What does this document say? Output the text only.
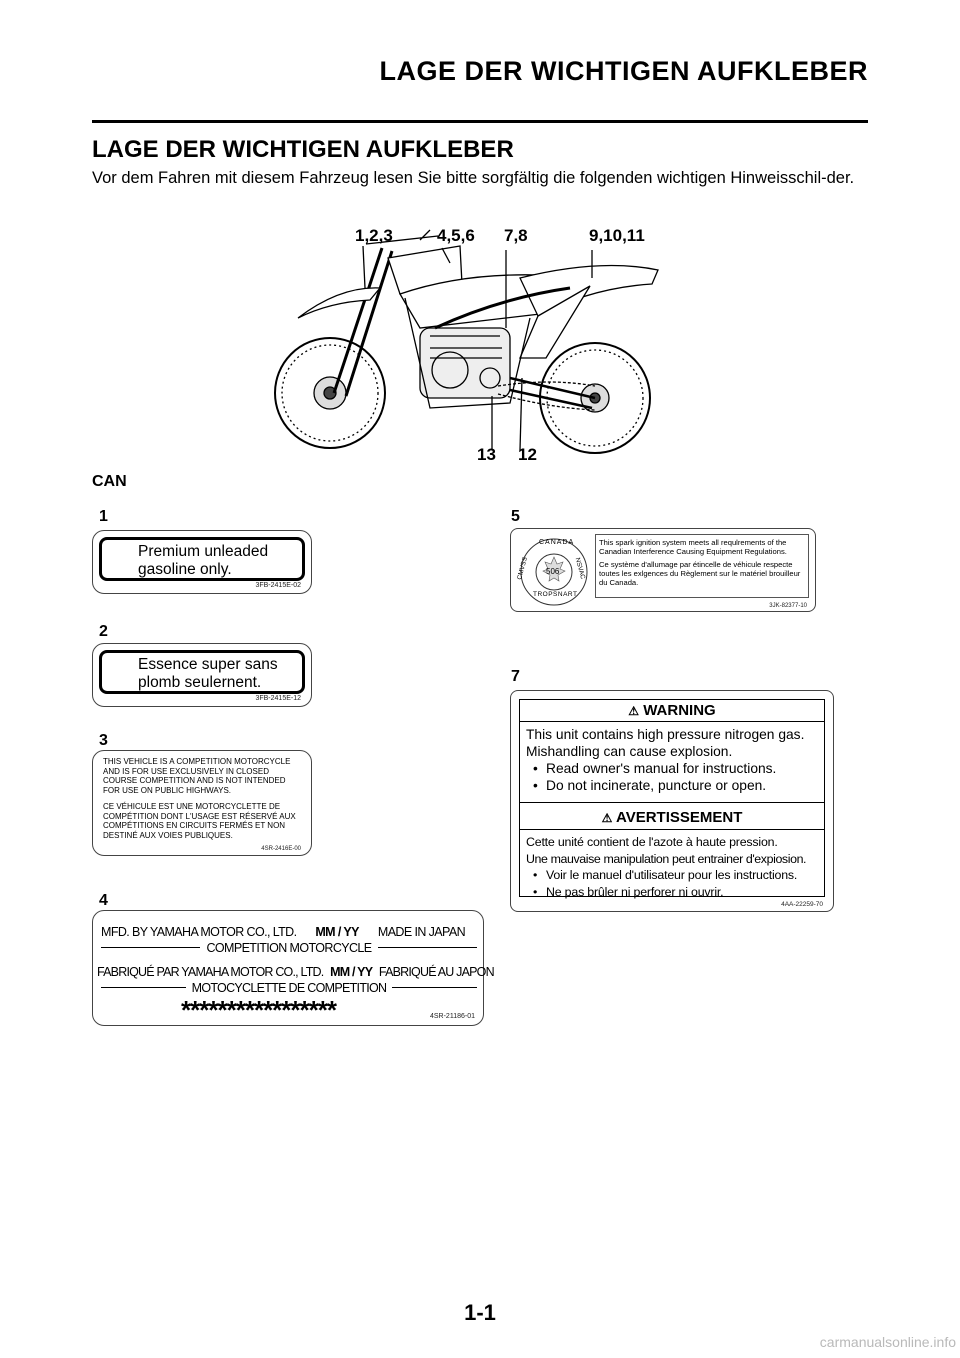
LAGE DER WICHTIGEN AUFKLEBER
LAGE DER WICHTIGEN AUFKLEBER
Vor dem Fahren mit diesem Fahrzeug lesen Sie bitte sorgfältig die folgenden wichtigen Hinweisschil-der.
1,2,3	4,5,6 7,8	9,10,11
13 12
CAN
1
Premium unleaded
gasoline only.
3FB-2415E-02
2
Essence super sans
plomb seulernent.
3FB-2415E-12
3
THIS VEHICLE IS A COMPETITION MOTORCYCLE AND IS FOR USE EXCLUSIVELY IN CLOSED COURSE COMPETITION AND IS NOT INTENDED FOR USE ON PUBLIC HIGHWAYS.
CE VÉHICULE EST UNE MOTORCYCLETTE DE COMPÉTITION DONT L'USAGE EST RÉSERVÉ AUX COMPÉTITIONS EN CIRCUITS FERMÉS ET NON DESTINÉ AUX VOIES PUBLIQUES.
4SR-2416E-00
4
MFD. BY YAMAHA MOTOR CO., LTD. MM / YY MADE IN JAPAN
COMPETITION MOTORCYCLE
FABRIQUÉ PAR YAMAHA MOTOR CO., LTD. MM / YY FABRIQUÉ AU JAPON
MOTOCYCLETTE DE COMPETITION
*****************	4SR-21186-01
5
CANADA
CMVSS	NSVAC
TROPSNART
506
This spark ignition system meets all requlrements of the Canadian Interference Causing Equipment Regulations.
Ce système d'allumage par étincelle de véhicule respecte toutes les exlgences du Règlement sur le matériel brouilleur du Canada.
3JK-82377-10
7
⚠ WARNING
This unit contains high pressure nitrogen gas.
Mishandling can cause explosion.
• Read owner's manual for instructions.
• Do not incinerate, puncture or open.
⚠ AVERTISSEMENT
Cette unité contient de l'azote à haute pression.
Une mauvaise manipulation peut entrainer d'expiosion.
• Voir le manuel d'utilisateur pour les instructions.
• Ne pas brûler ni perforer ni ouvrir.
4AA-22259-70
1-1
carmanualsonline.info
